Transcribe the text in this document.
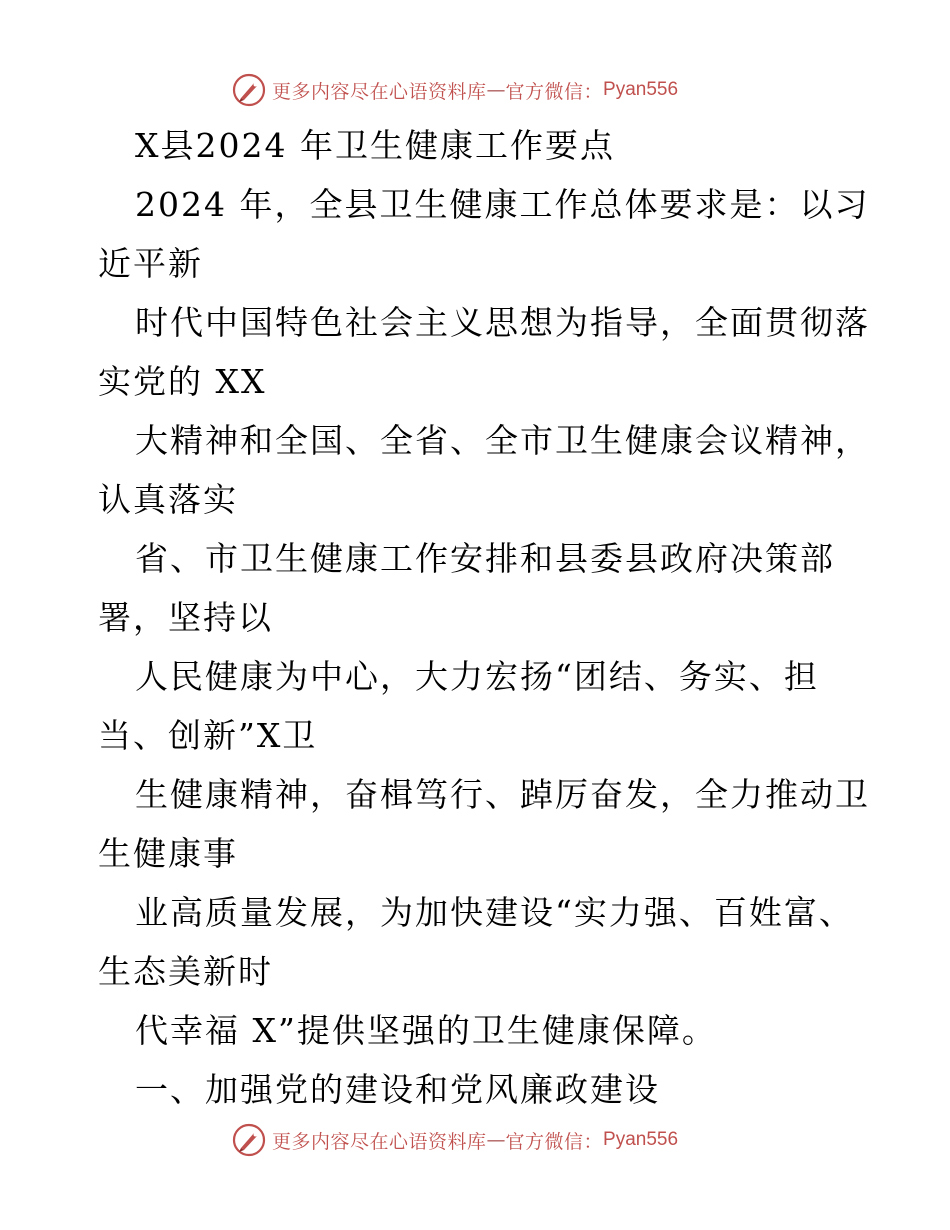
更多内容尽在心语资料库 — 官方微信： Pyan556
X县2024 年卫生健康工作要点
2024 年，全县卫生健康工作总体要求是：以习
近平新
时代中国特色社会主义思想为指导，全面贯彻落
实党的 XX
大精神和全国、全省、全市卫生健康会议精神，
认真落实
省、市卫生健康工作安排和县委县政府决策部
署，坚持以
人民健康为中心，大力宏扬“团结、务实、担
当、创新”X卫
生健康精神，奋楫笃行、踔厉奋发，全力推动卫
生健康事
业高质量发展，为加快建设“实力强、百姓富、
生态美新时
代幸福 X”提供坚强的卫生健康保障。
一、加强党的建设和党风廉政建设
更多内容尽在心语资料库 — 官方微信： Pyan556
